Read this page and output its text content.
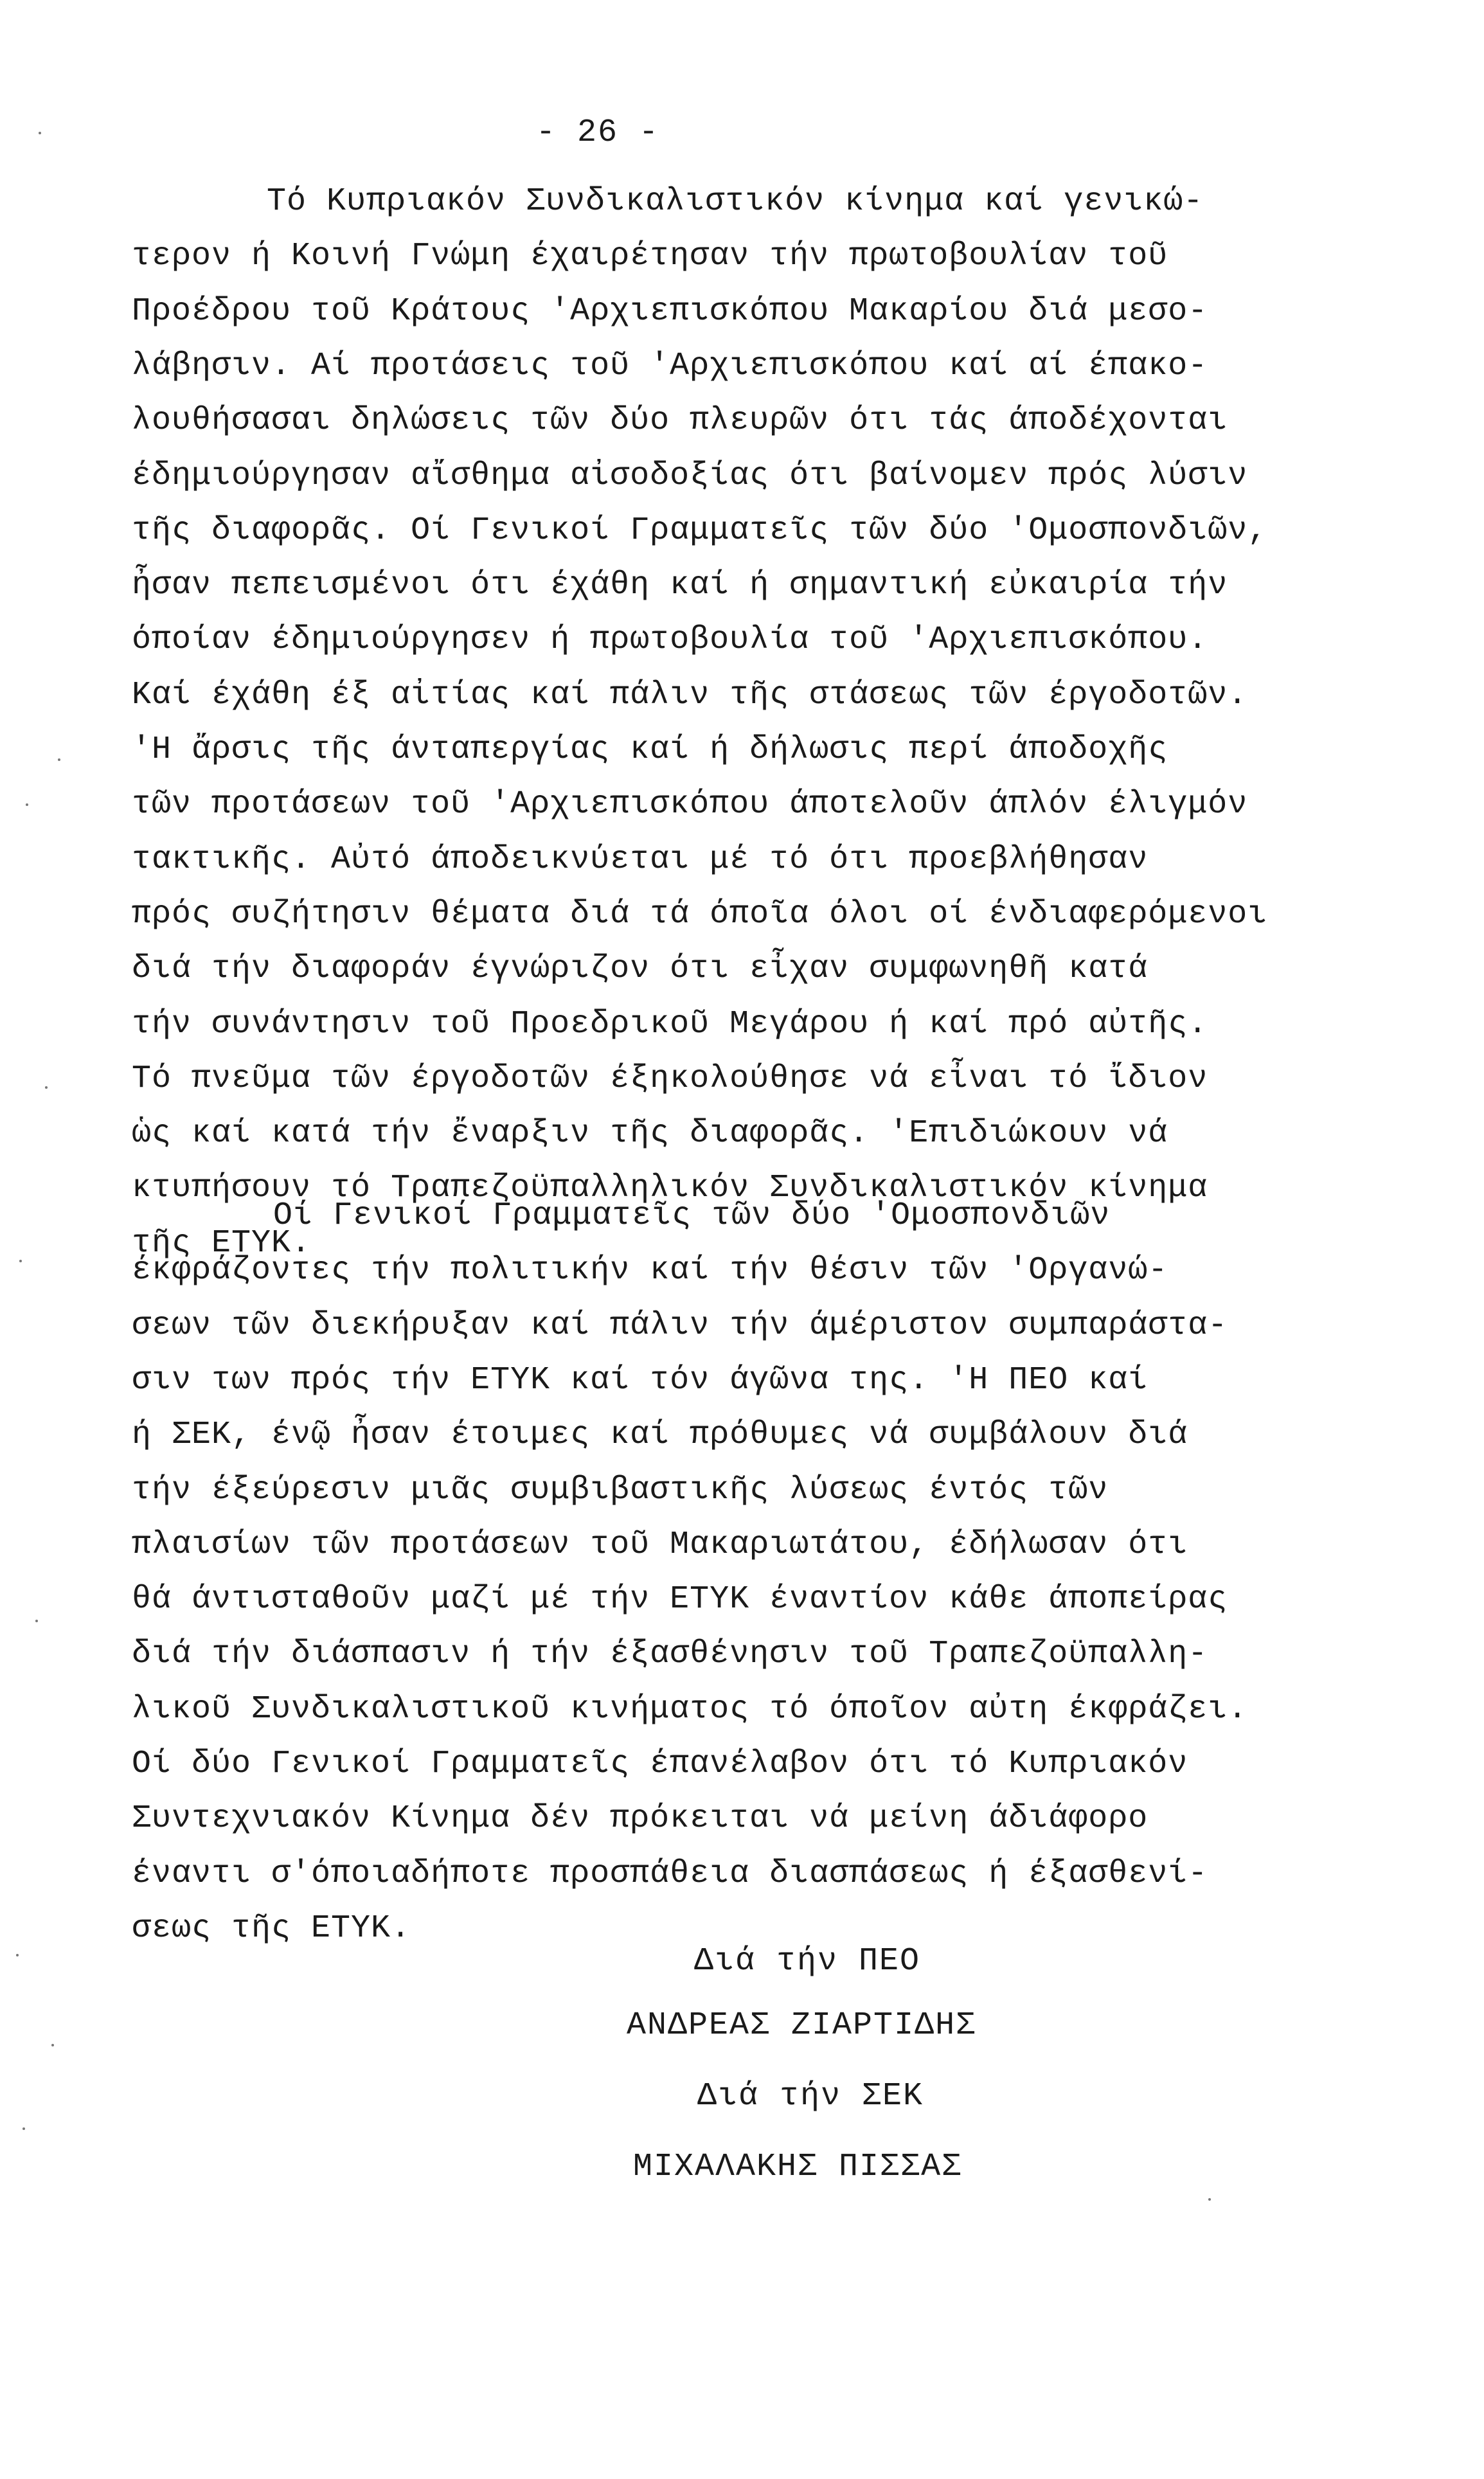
- 26 -
Τό Κυπριακόν Συνδικαλιστικόν κίνημα καί γενικώ-
τερον ή Κοινή Γνώμη έχαιρέτησαν τήν πρωτοβουλίαν τοῦ
Προέδρου τοῦ Κράτους 'Αρχιεπισκόπου Μακαρίου διά μεσο-
λάβησιν. Αί προτάσεις τοῦ 'Αρχιεπισκόπου καί αί έπακο-
λουθήσασαι δηλώσεις τῶν δύο πλευρῶν ότι τάς άποδέχονται
έδημιούργησαν αἴσθημα αἰσοδοξίας ότι βαίνομεν πρός λύσιν
τῆς διαφορᾶς. Οί Γενικοί Γραμματεῖς τῶν δύο 'Ομοσπονδιῶν,
ἦσαν πεπεισμένοι ότι έχάθη καί ή σημαντική εὐκαιρία τήν
όποίαν έδημιούργησεν ή πρωτοβουλία τοῦ 'Αρχιεπισκόπου.
Καί έχάθη έξ αἰτίας καί πάλιν τῆς στάσεως τῶν έργοδοτῶν.
'Η ἄρσις τῆς άνταπεργίας καί ή δήλωσις περί άποδοχῆς
τῶν προτάσεων τοῦ 'Αρχιεπισκόπου άποτελοῦν άπλόν έλιγμόν
τακτικῆς. Αὐτό άποδεικνύεται μέ τό ότι προεβλήθησαν
πρός συζήτησιν θέματα διά τά όποῖα όλοι οί ένδιαφερόμενοι
διά τήν διαφοράν έγνώριζον ότι εἶχαν συμφωνηθῆ κατά
τήν συνάντησιν τοῦ Προεδρικοῦ Μεγάρου ή καί πρό αὐτῆς.
Τό πνεῦμα τῶν έργοδοτῶν έξηκολούθησε νά εἶναι τό ἴδιον
ὡς καί κατά τήν ἔναρξιν τῆς διαφορᾶς. 'Επιδιώκουν νά
κτυπήσουν τό Τραπεζοϋπαλληλικόν Συνδικαλιστικόν κίνημα
τῆς ΕΤΥΚ.
Οί Γενικοί Γραμματεῖς τῶν δύο 'Ομοσπονδιῶν
έκφράζοντες τήν πολιτικήν καί τήν θέσιν τῶν 'Οργανώ-
σεων τῶν διεκήρυξαν καί πάλιν τήν άμέριστον συμπαράστα-
σιν των πρός τήν ΕΤΥΚ καί τόν άγῶνα της. 'Η ΠΕΟ καί
ή ΣΕΚ, ένῷ ἦσαν έτοιμες καί πρόθυμες νά συμβάλουν διά
τήν έξεύρεσιν μιᾶς συμβιβαστικῆς λύσεως έντός τῶν
πλαισίων τῶν προτάσεων τοῦ Μακαριωτάτου, έδήλωσαν ότι
θά άντισταθοῦν μαζί μέ τήν ΕΤΥΚ έναντίον κάθε άποπείρας
διά τήν διάσπασιν ή τήν έξασθένησιν τοῦ Τραπεζοϋπαλλη-
λικοῦ Συνδικαλιστικοῦ κινήματος τό όποῖον αὐτη έκφράζει.
Οί δύο Γενικοί Γραμματεῖς έπανέλαβον ότι τό Κυπριακόν
Συντεχνιακόν Κίνημα δέν πρόκειται νά μείνη άδιάφορο
έναντι σ'όποιαδήποτε προσπάθεια διασπάσεως ή έξασθενί-
σεως τῆς ΕΤΥΚ.
Διά τήν ΠΕΟ
ΑΝΔΡΕΑΣ ΖΙΑΡΤΙΔΗΣ
Διά τήν ΣΕΚ
ΜΙΧΑΛΑΚΗΣ ΠΙΣΣΑΣ
